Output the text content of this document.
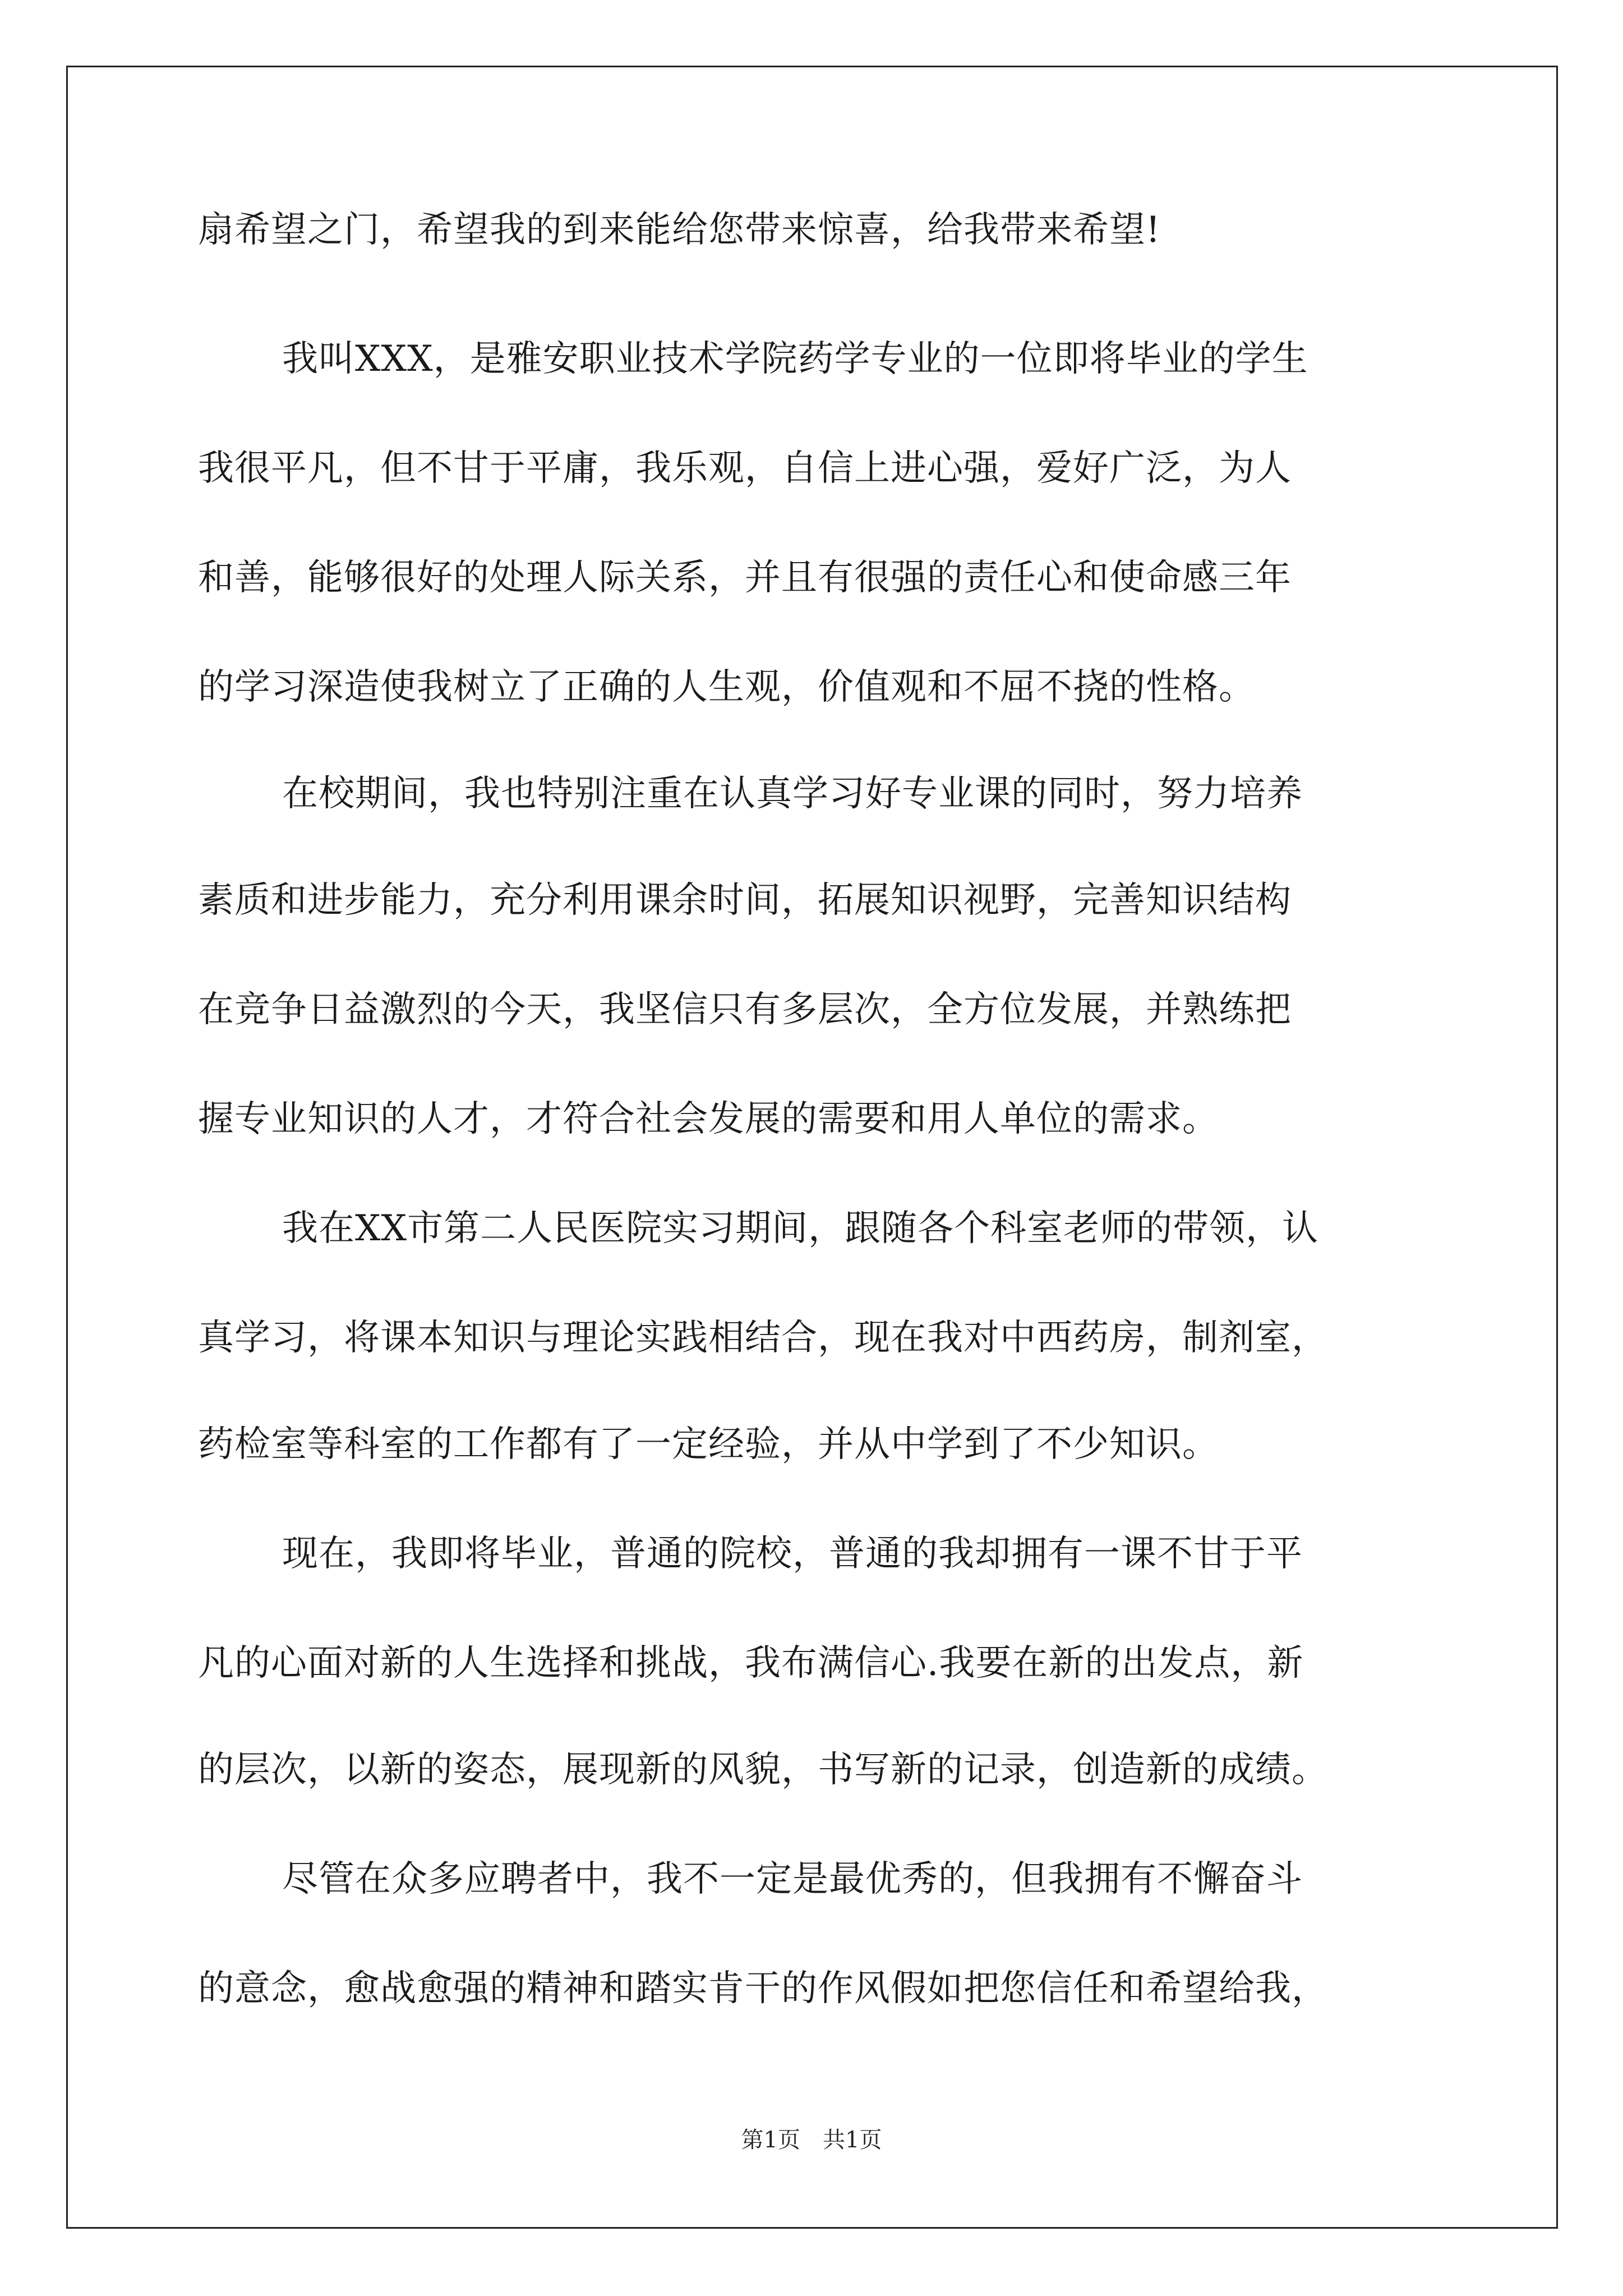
扇希望之门，希望我的到来能给您带来惊喜，给我带来希望!
我叫XXX，是雅安职业技术学院药学专业的一位即将毕业的学生
我很平凡，但不甘于平庸，我乐观，自信上进心强，爱好广泛，为人
和善，能够很好的处理人际关系，并且有很强的责任心和使命感三年
的学习深造使我树立了正确的人生观，价值观和不屈不挠的性格。
在校期间，我也特别注重在认真学习好专业课的同时，努力培养
素质和进步能力，充分利用课余时间，拓展知识视野，完善知识结构
在竞争日益激烈的今天，我坚信只有多层次，全方位发展，并熟练把
握专业知识的人才，才符合社会发展的需要和用人单位的需求。
我在XX市第二人民医院实习期间，跟随各个科室老师的带领，认
真学习，将课本知识与理论实践相结合，现在我对中西药房，制剂室，
药检室等科室的工作都有了一定经验，并从中学到了不少知识。
现在，我即将毕业，普通的院校，普通的我却拥有一课不甘于平
凡的心面对新的人生选择和挑战，我布满信心.我要在新的出发点，新
的层次，以新的姿态，展现新的风貌，书写新的记录，创造新的成绩。
尽管在众多应聘者中，我不一定是最优秀的，但我拥有不懈奋斗
的意念，愈战愈强的精神和踏实肯干的作风假如把您信任和希望给我，
第1页 共1页
